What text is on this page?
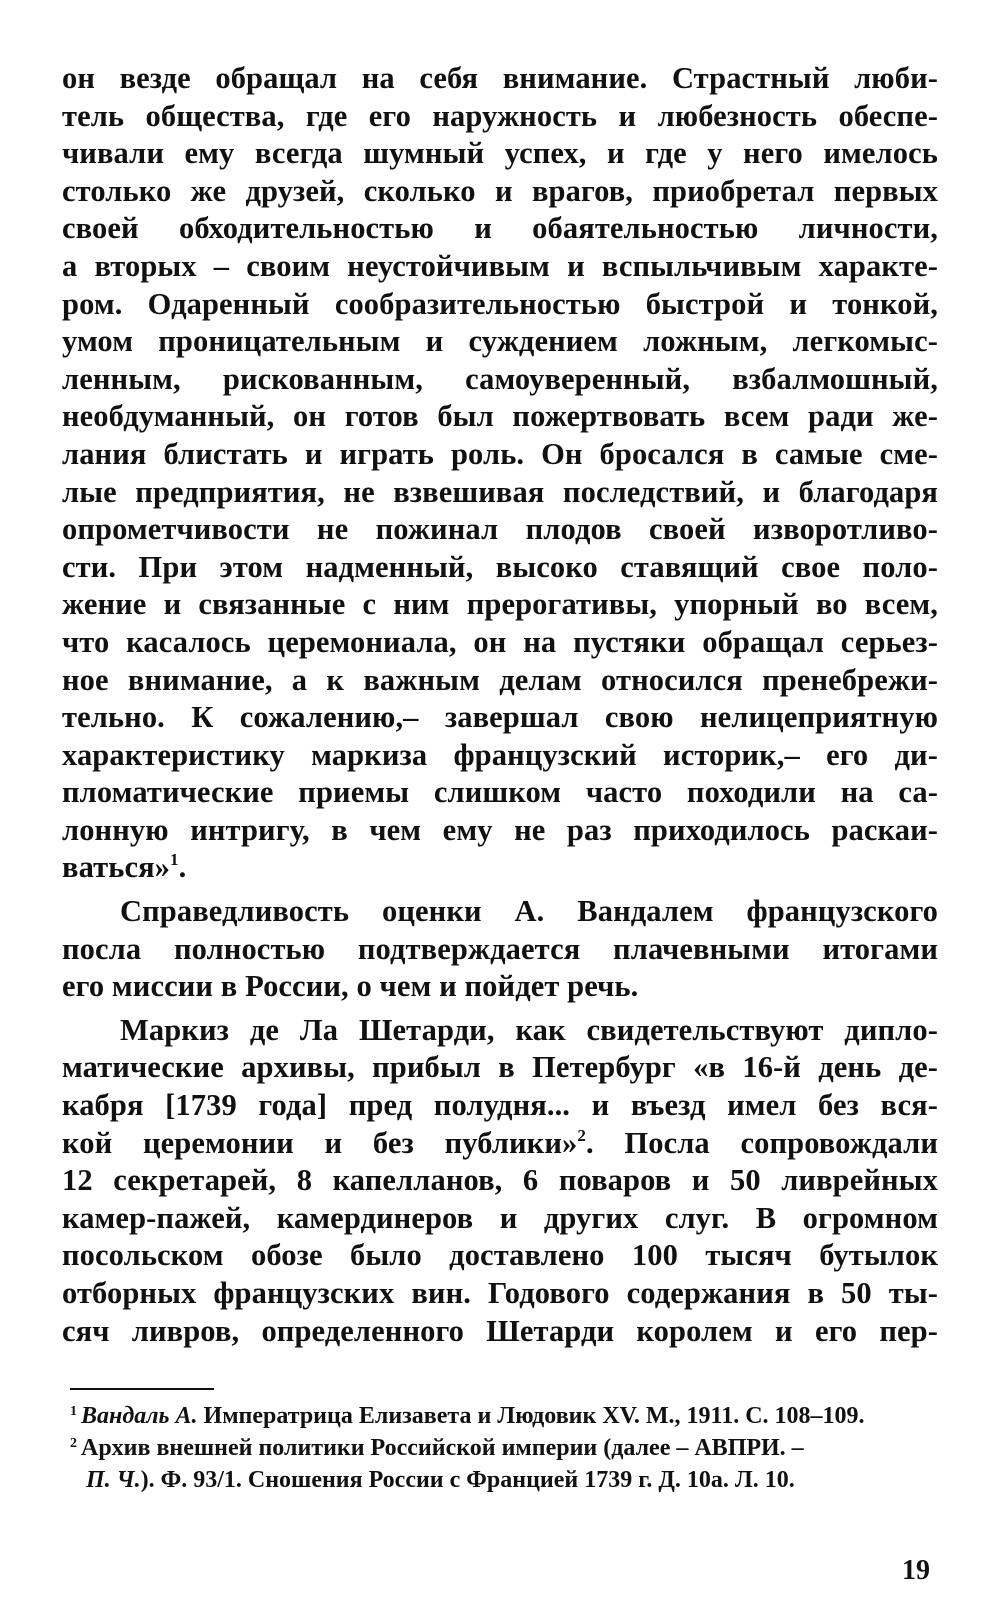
он везде обращал на себя внимание. Страстный люби-
тель общества, где его наружность и любезность обеспе-
чивали ему всегда шумный успех, и где у него имелось
столько же друзей, сколько и врагов, приобретал первых
своей обходительностью и обаятельностью личности,
а вторых – своим неустойчивым и вспыльчивым характе-
ром. Одаренный сообразительностью быстрой и тонкой,
умом проницательным и суждением ложным, легкомыс-
ленным, рискованным, самоуверенный, взбалмошный,
необдуманный, он готов был пожертвовать всем ради же-
лания блистать и играть роль. Он бросался в самые сме-
лые предприятия, не взвешивая последствий, и благодаря
опрометчивости не пожинал плодов своей изворотливо-
сти. При этом надменный, высоко ставящий свое поло-
жение и связанные с ним прерогативы, упорный во всем,
что касалось церемониала, он на пустяки обращал серьез-
ное внимание, а к важным делам относился пренебрежи-
тельно. К сожалению,– завершал свою нелицеприятную
характеристику маркиза французский историк,– его ди-
пломатические приемы слишком часто походили на са-
лонную интригу, в чем ему не раз приходилось раскаи-
ваться»$^1$.
Справедливость оценки А. Вандалем французского
посла полностью подтверждается плачевными итогами
его миссии в России, о чем и пойдет речь.
Маркиз де Ла Шетарди, как свидетельствуют дипло-
матические архивы, прибыл в Петербург «в 16-й день де-
кабря [1739 года] пред полудня... и въезд имел без вся-
кой церемонии и без публики»$^2$. Посла сопровождали
12 секретарей, 8 капелланов, 6 поваров и 50 ливрейных
камер-пажей, камердинеров и других слуг. В огромном
посольском обозе было доставлено 100 тысяч бутылок
отборных французских вин. Годового содержания в 50 ты-
сяч ливров, определенного Шетарди королем и его пер-
$^1$ Вандаль А. Императрица Елизавета и Людовик XV. М., 1911. С. 108–109.
$^2$ Архив внешней политики Российской империи (далее – АВПРИ. –
П. Ч.). Ф. 93/1. Сношения России с Францией 1739 г. Д. 10а. Л. 10.
19
